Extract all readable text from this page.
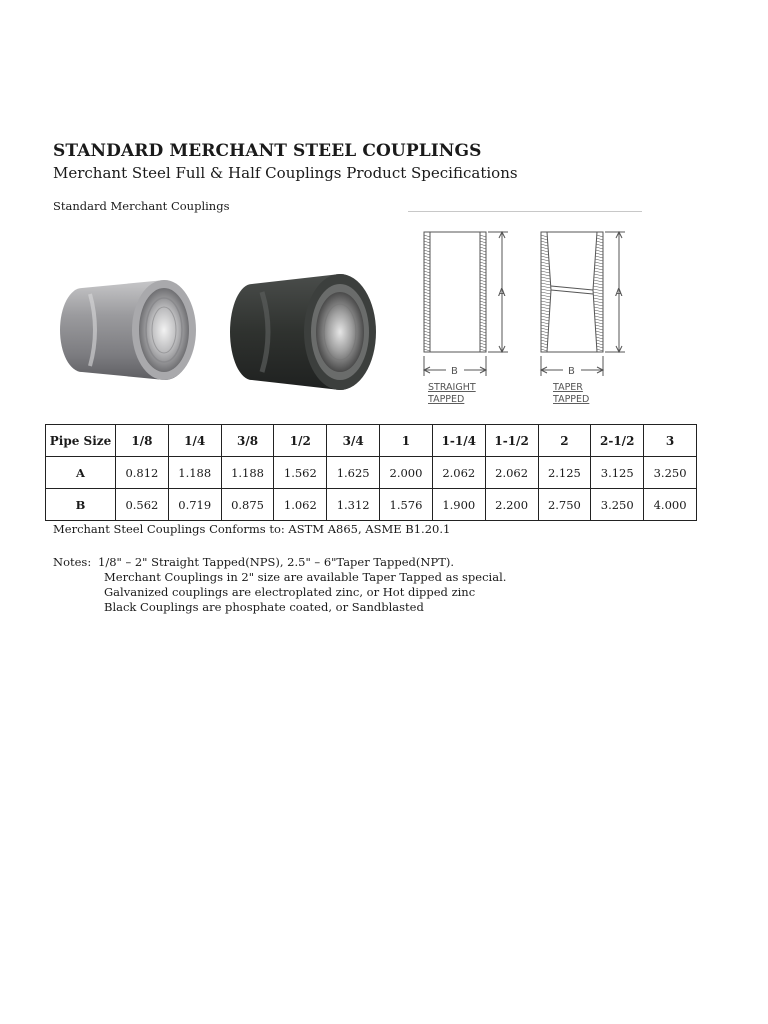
STANDARD MERCHANT STEEL COUPLINGS
Merchant Steel Full & Half Couplings Product Specifications
Standard Merchant Couplings
A
B
STRAIGHT
TAPPED
A
B
TAPER
TAPPED
Pipe Size	1/8	1/4	3/8	1/2	3/4	1	1-1/4	1-1/2	2	2-1/2	3
A	0.812	1.188	1.188	1.562	1.625	2.000	2.062	2.062	2.125	3.125	3.250
B	0.562	0.719	0.875	1.062	1.312	1.576	1.900	2.200	2.750	3.250	4.000
Merchant Steel Couplings Conforms to: ASTM A865, ASME B1.20.1
Notes: 1/8" – 2" Straight Tapped(NPS), 2.5" – 6"Taper Tapped(NPT).
Merchant Couplings in 2" size are available Taper Tapped as special.
Galvanized couplings are electroplated zinc, or Hot dipped zinc
Black Couplings are phosphate coated, or Sandblasted
